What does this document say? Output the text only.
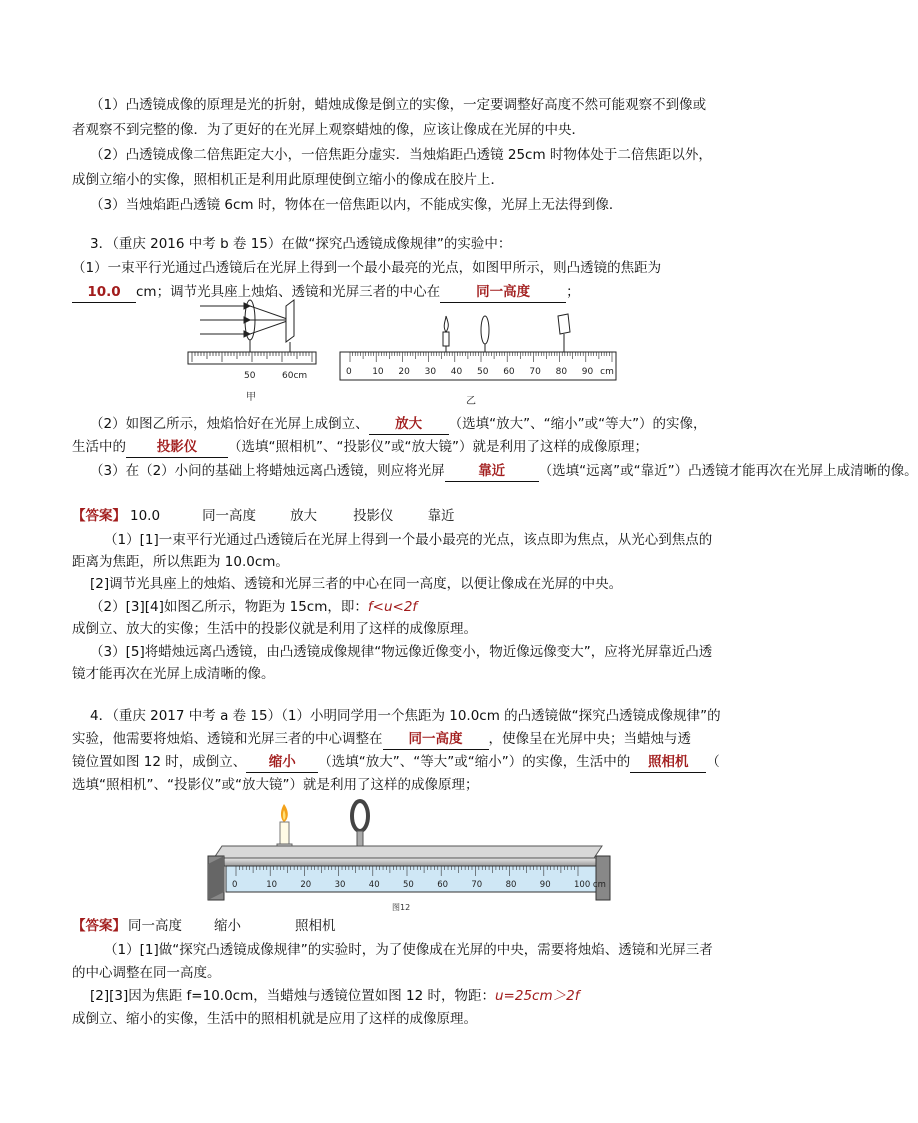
（1）凸透镜成像的原理是光的折射，蜡烛成像是倒立的实像，一定要调整好高度不然可能观察不到像或
者观察不到完整的像．为了更好的在光屏上观察蜡烛的像，应该让像成在光屏的中央．
（2）凸透镜成像二倍焦距定大小，一倍焦距分虚实．当烛焰距凸透镜 25cm 时物体处于二倍焦距以外，
成倒立缩小的实像，照相机正是利用此原理使倒立缩小的像成在胶片上．
（3）当烛焰距凸透镜 6cm 时，物体在一倍焦距以内，不能成实像，光屏上无法得到像．
3．（重庆 2016 中考 b 卷 15）在做“探究凸透镜成像规律”的实验中：
（1）一束平行光通过凸透镜后在光屏上得到一个最小最亮的光点，如图甲所示，则凸透镜的焦距为
10.0 cm；调节光具座上烛焰、透镜和光屏三者的中心在	同一高度	；
50	60cm
甲
0 10 20 30 40 50 60 70 80 90 cm
乙
（2）如图乙所示，烛焰恰好在光屏上成倒立、 放大 （选填“放大”、“缩小”或“等大”）的实像，
生活中的 投影仪 （选填“照相机”、“投影仪”或“放大镜”）就是利用了这样的成像原理；
（3）在（2）小问的基础上将蜡烛远离凸透镜，则应将光屏 靠近 （选填“远离”或“靠近”）凸透镜才能再次在光屏上成清晰的像。
【答案】 10.0	同一高度	放大	投影仪	靠近
（1）[1]一束平行光通过凸透镜后在光屏上得到一个最小最亮的光点，该点即为焦点，从光心到焦点的
距离为焦距，所以焦距为 10.0cm。
[2]调节光具座上的烛焰、透镜和光屏三者的中心在同一高度，以便让像成在光屏的中央。
（2）[3][4]如图乙所示，物距为 15cm，即：f<u<2f
成倒立、放大的实像；生活中的投影仪就是利用了这样的成像原理。
（3）[5]将蜡烛远离凸透镜，由凸透镜成像规律“物远像近像变小，物近像远像变大”，应将光屏靠近凸透
镜才能再次在光屏上成清晰的像。
4．（重庆 2017 中考 a 卷 15）（1）小明同学用一个焦距为 10.0cm 的凸透镜做“探究凸透镜成像规律”的
实验，他需要将烛焰、透镜和光屏三者的中心调整在 同一高度 ，使像呈在光屏中央；当蜡烛与透
镜位置如图 12 时，成倒立、 缩小 （选填“放大”、“等大”或“缩小”）的实像，生活中的 照相机 （
选填“照相机”、“投影仪”或“放大镜”）就是利用了这样的成像原理；
0	10	20	30	40	50	60	70	80	90	100 cm
图12
【答案】 同一高度 缩小	照相机
（1）[1]做“探究凸透镜成像规律”的实验时，为了使像成在光屏的中央，需要将烛焰、透镜和光屏三者
的中心调整在同一高度。
[2][3]因为焦距 f=10.0cm，当蜡烛与透镜位置如图 12 时，物距：u=25cm＞2f
成倒立、缩小的实像，生活中的照相机就是应用了这样的成像原理。
